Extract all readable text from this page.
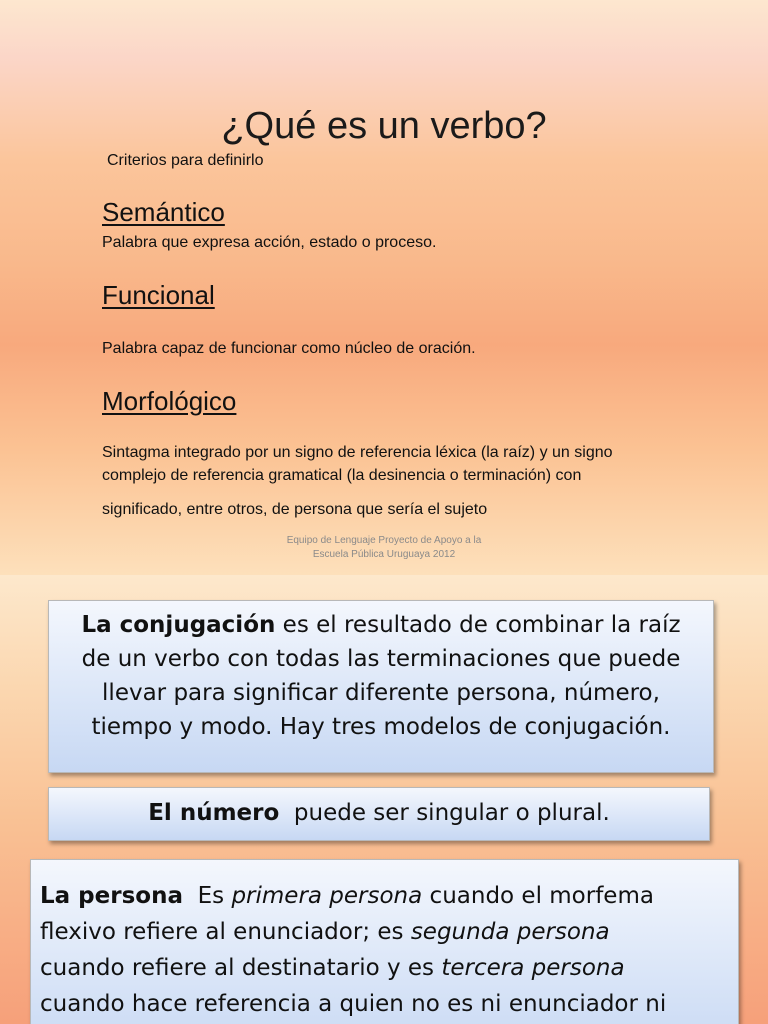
¿Qué es un verbo?
Criterios para definirlo
Semántico
Palabra que expresa acción, estado o proceso.
Funcional
Palabra capaz de funcionar como núcleo de oración.
Morfológico
Sintagma integrado por un signo de referencia léxica (la raíz) y un signo
complejo de referencia gramatical (la desinencia o terminación) con
significado, entre otros, de persona que sería el sujeto
Equipo de Lenguaje Proyecto de Apoyo a la
Escuela Pública Uruguaya 2012
La conjugación es el resultado de combinar la raíz
de un verbo con todas las terminaciones que puede
llevar para significar diferente persona, número,
tiempo y modo. Hay tres modelos de conjugación.
El número  puede ser singular o plural.
La persona  Es primera persona cuando el morfema
flexivo refiere al enunciador; es segunda persona
cuando refiere al destinatario y es tercera persona
cuando hace referencia a quien no es ni enunciador ni
